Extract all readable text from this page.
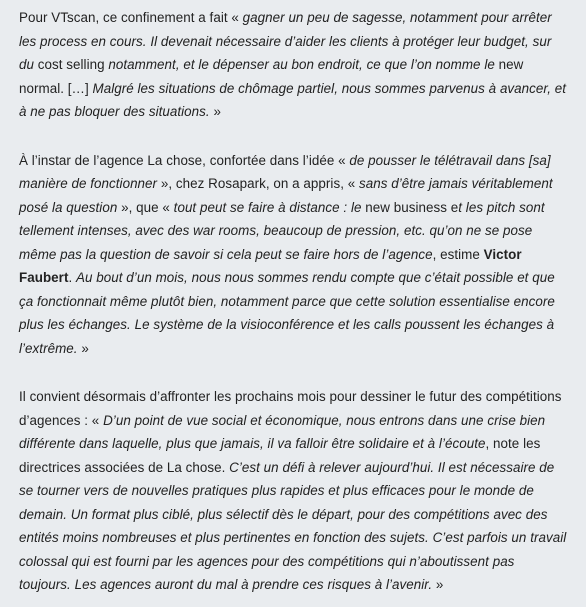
Pour VTscan, ce confinement a fait « gagner un peu de sagesse, notamment pour arrêter les process en cours. Il devenait nécessaire d’aider les clients à protéger leur budget, sur du cost selling notamment, et le dépenser au bon endroit, ce que l’on nomme le new normal. […] Malgré les situations de chômage partiel, nous sommes parvenus à avancer, et à ne pas bloquer des situations. »

À l’instar de l’agence La chose, confortée dans l’idée « de pousser le télétravail dans [sa] manière de fonctionner », chez Rosapark, on a appris, « sans d’être jamais véritablement posé la question », que « tout peut se faire à distance : le new business et les pitch sont tellement intenses, avec des war rooms, beaucoup de pression, etc. qu’on ne se pose même pas la question de savoir si cela peut se faire hors de l’agence, estime Victor Faubert. Au bout d’un mois, nous nous sommes rendu compte que c’était possible et que ça fonctionnait même plutôt bien, notamment parce que cette solution essentialise encore plus les échanges. Le système de la visioconférence et les calls poussent les échanges à l’extrême. »

Il convient désormais d’affronter les prochains mois pour dessiner le futur des compétitions d’agences : « D’un point de vue social et économique, nous entrons dans une crise bien différente dans laquelle, plus que jamais, il va falloir être solidaire et à l’écoute, note les directrices associées de La chose. C’est un défi à relever aujourd’hui. Il est nécessaire de se tourner vers de nouvelles pratiques plus rapides et plus efficaces pour le monde de demain. Un format plus ciblé, plus sélectif dès le départ, pour des compétitions avec des entités moins nombreuses et plus pertinentes en fonction des sujets. C’est parfois un travail colossal qui est fourni par les agences pour des compétitions qui n’aboutissent pas toujours. Les agences auront du mal à prendre ces risques à l’avenir. »
